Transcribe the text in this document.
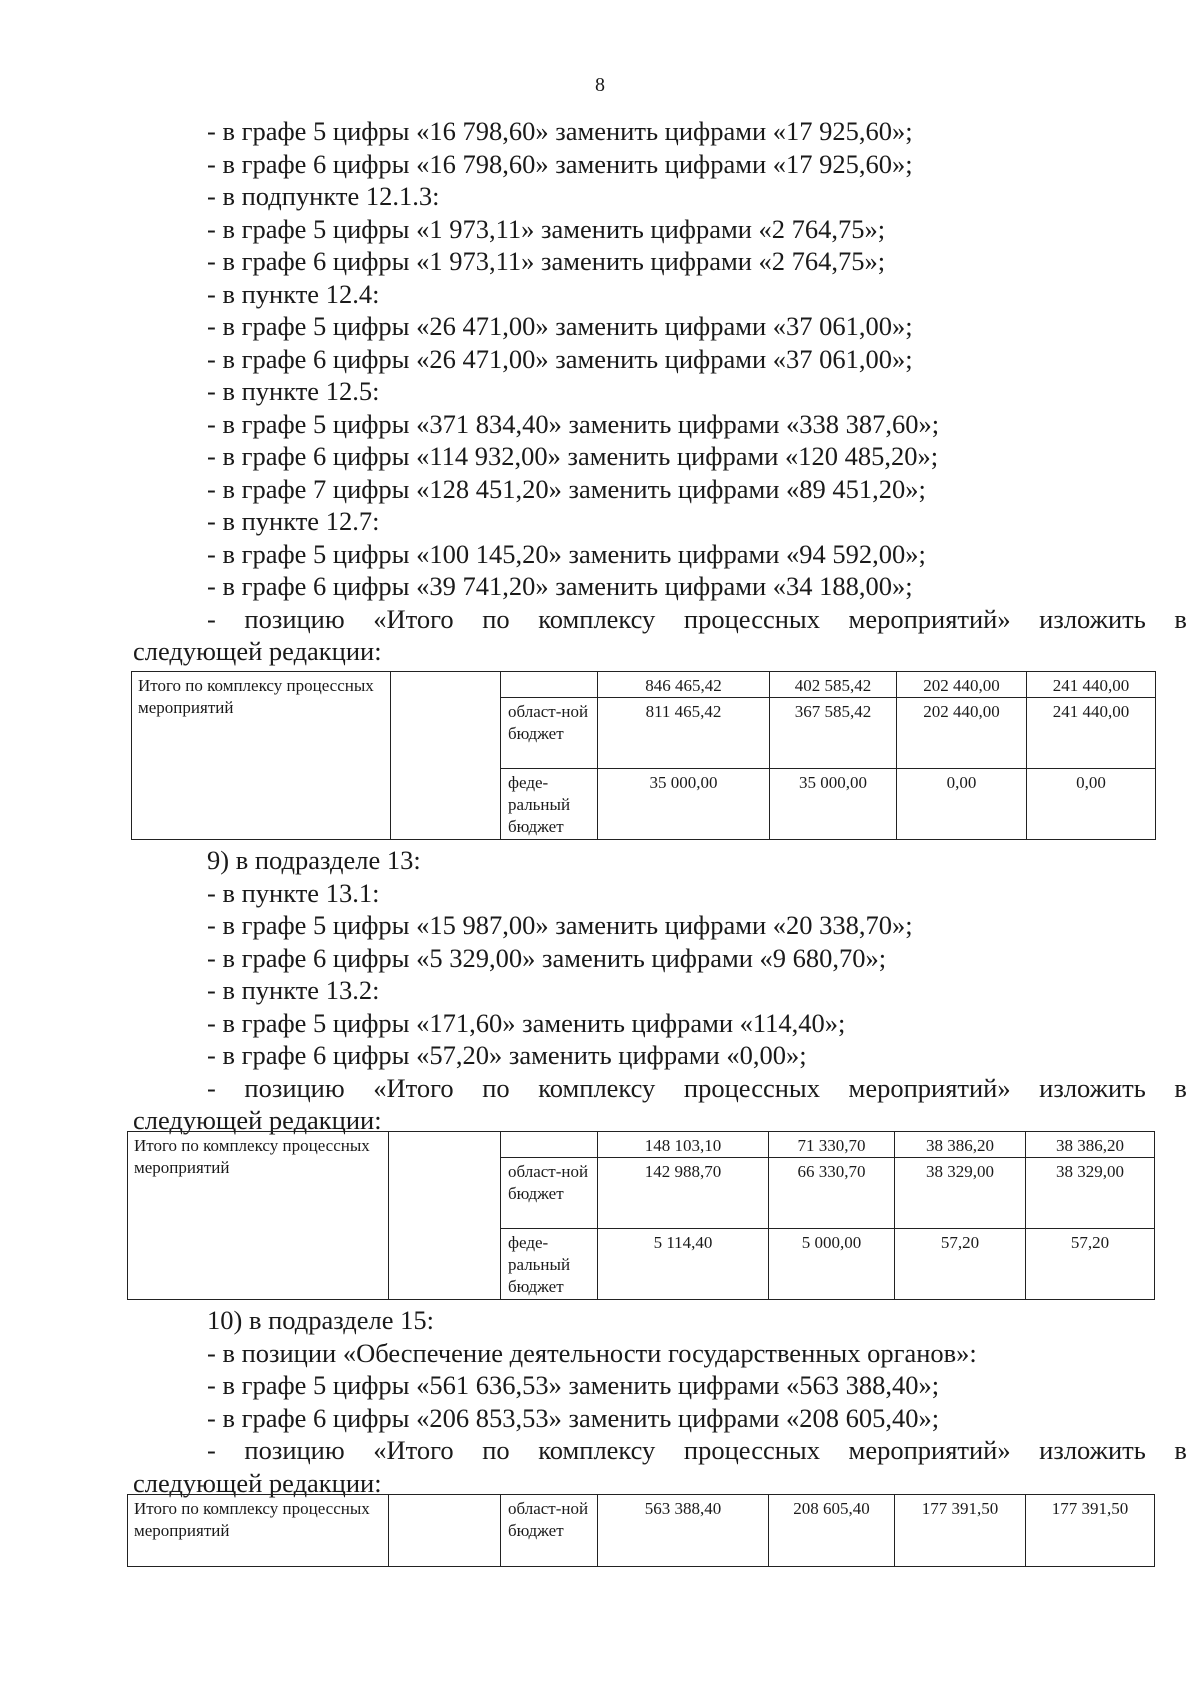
8
- в графе 5 цифры «16 798,60» заменить цифрами «17 925,60»;
- в графе 6 цифры «16 798,60» заменить цифрами «17 925,60»;
- в подпункте 12.1.3:
- в графе 5 цифры «1 973,11» заменить цифрами «2 764,75»;
- в графе 6 цифры «1 973,11» заменить цифрами «2 764,75»;
- в пункте 12.4:
- в графе 5 цифры «26 471,00» заменить цифрами «37 061,00»;
- в графе 6 цифры «26 471,00» заменить цифрами «37 061,00»;
- в пункте 12.5:
- в графе 5 цифры «371 834,40» заменить цифрами «338 387,60»;
- в графе 6 цифры «114 932,00» заменить цифрами «120 485,20»;
- в графе 7 цифры «128 451,20» заменить цифрами «89 451,20»;
- в пункте 12.7:
- в графе 5 цифры «100 145,20» заменить цифрами «94 592,00»;
- в графе 6 цифры «39 741,20» заменить цифрами «34 188,00»;
- позицию «Итого по комплексу процессных мероприятий» изложить в
следующей редакции:
Итого по комплексу процессных мероприятий			846 465,42	402 585,42	202 440,00	241 440,00
		област-ной бюджет	811 465,42	367 585,42	202 440,00	241 440,00
		феде-ральный бюджет	35 000,00	35 000,00	0,00	0,00
9) в подразделе 13:
- в пункте 13.1:
- в графе 5 цифры «15 987,00» заменить цифрами «20 338,70»;
- в графе 6 цифры «5 329,00» заменить цифрами «9 680,70»;
- в пункте 13.2:
- в графе 5 цифры «171,60» заменить цифрами «114,40»;
- в графе 6 цифры «57,20» заменить цифрами «0,00»;
- позицию «Итого по комплексу процессных мероприятий» изложить в
следующей редакции:
Итого по комплексу процессных мероприятий			148 103,10	71 330,70	38 386,20	38 386,20
		област-ной бюджет	142 988,70	66 330,70	38 329,00	38 329,00
		феде-ральный бюджет	5 114,40	5 000,00	57,20	57,20
10) в подразделе 15:
- в позиции «Обеспечение деятельности государственных органов»:
- в графе 5 цифры «561 636,53» заменить цифрами «563 388,40»;
- в графе 6 цифры «206 853,53» заменить цифрами «208 605,40»;
- позицию «Итого по комплексу процессных мероприятий» изложить в
следующей редакции:
Итого по комплексу процессных мероприятий		област-ной бюджет	563 388,40	208 605,40	177 391,50	177 391,50
